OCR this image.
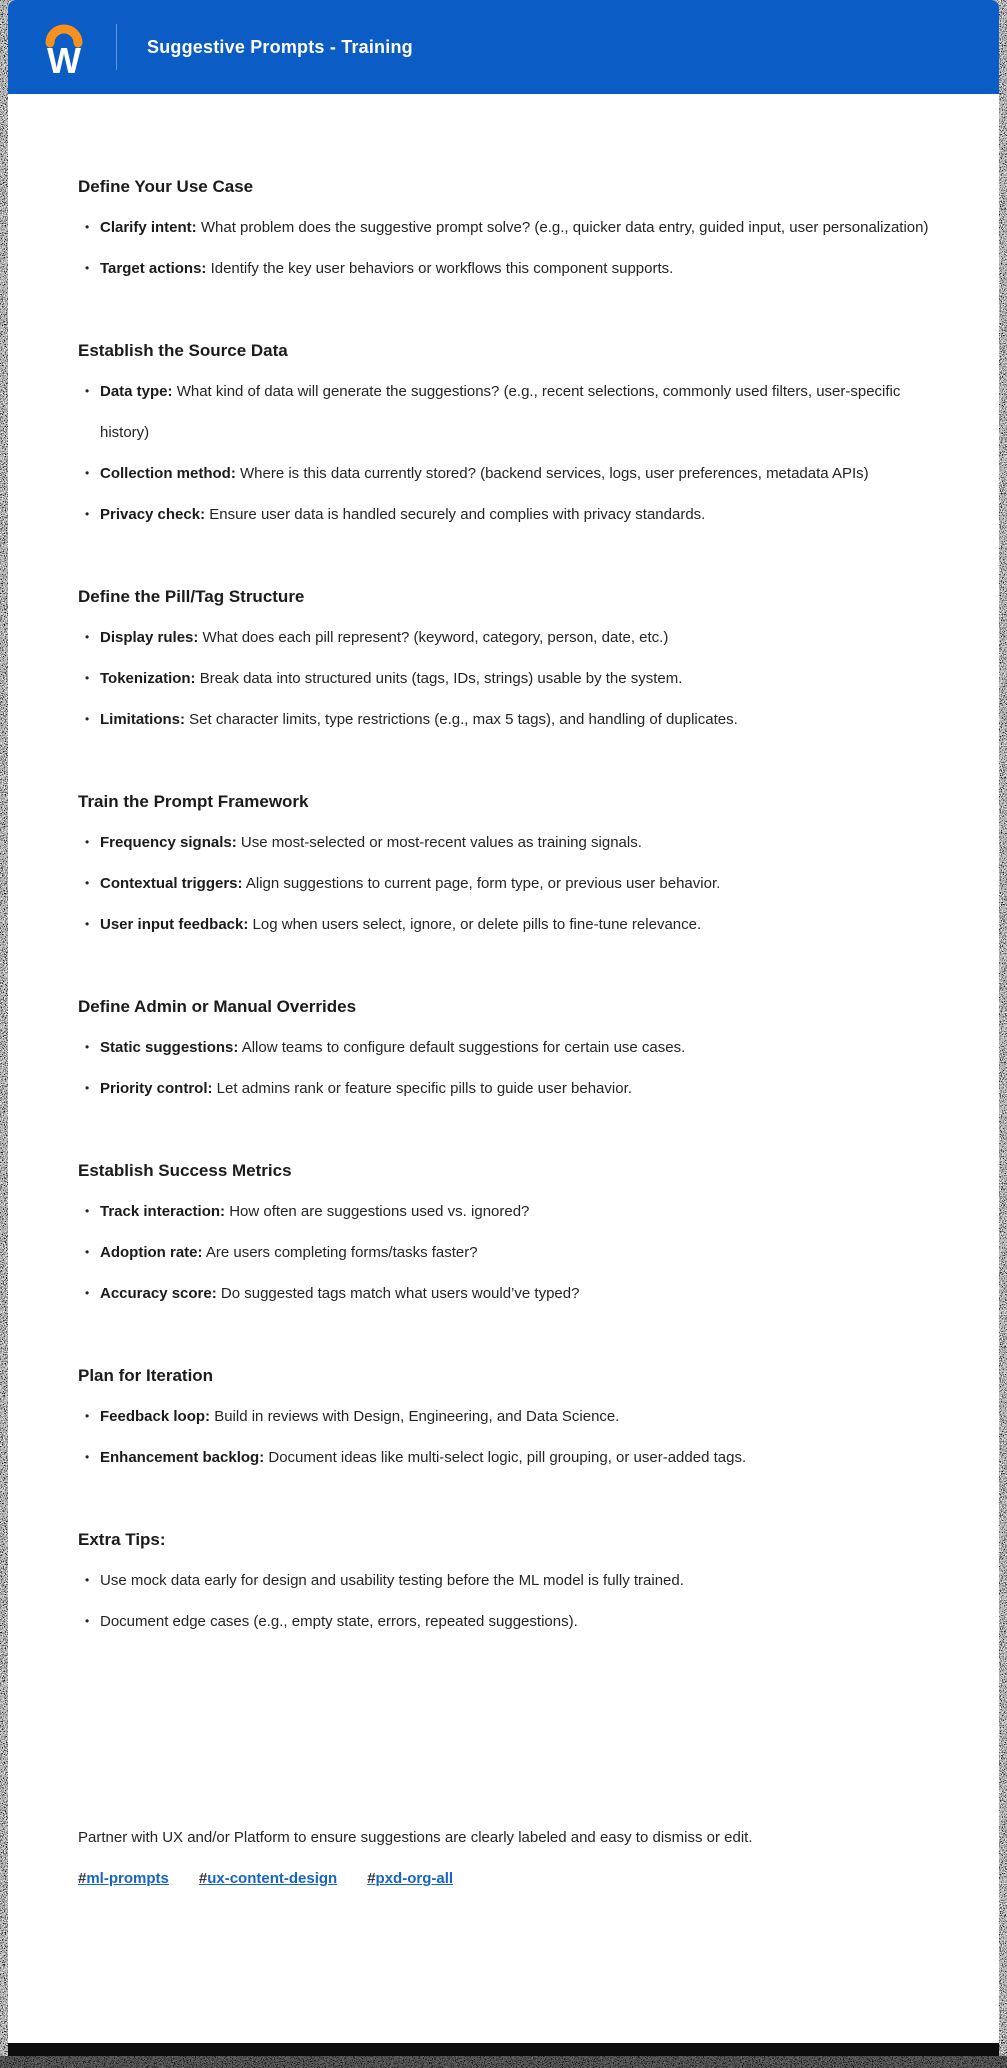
W	Suggestive Prompts - Training
Define Your Use Case
• Clarify intent: What problem does the suggestive prompt solve? (e.g., quicker data entry, guided input, user personalization)
• Target actions: Identify the key user behaviors or workflows this component supports.
Establish the Source Data
• Data type: What kind of data will generate the suggestions? (e.g., recent selections, commonly used filters, user-specific history)
• Collection method: Where is this data currently stored? (backend services, logs, user preferences, metadata APIs)
• Privacy check: Ensure user data is handled securely and complies with privacy standards.
Define the Pill/Tag Structure
• Display rules: What does each pill represent? (keyword, category, person, date, etc.)
• Tokenization: Break data into structured units (tags, IDs, strings) usable by the system.
• Limitations: Set character limits, type restrictions (e.g., max 5 tags), and handling of duplicates.
Train the Prompt Framework
• Frequency signals: Use most-selected or most-recent values as training signals.
• Contextual triggers: Align suggestions to current page, form type, or previous user behavior.
• User input feedback: Log when users select, ignore, or delete pills to fine-tune relevance.
Define Admin or Manual Overrides
• Static suggestions: Allow teams to configure default suggestions for certain use cases.
• Priority control: Let admins rank or feature specific pills to guide user behavior.
Establish Success Metrics
• Track interaction: How often are suggestions used vs. ignored?
• Adoption rate: Are users completing forms/tasks faster?
• Accuracy score: Do suggested tags match what users would’ve typed?
Plan for Iteration
• Feedback loop: Build in reviews with Design, Engineering, and Data Science.
• Enhancement backlog: Document ideas like multi-select logic, pill grouping, or user-added tags.
Extra Tips:
• Use mock data early for design and usability testing before the ML model is fully trained.
• Document edge cases (e.g., empty state, errors, repeated suggestions).

Partner with UX and/or Platform to ensure suggestions are clearly labeled and easy to dismiss or edit.

#ml-prompts #ux-content-design #pxd-org-all
